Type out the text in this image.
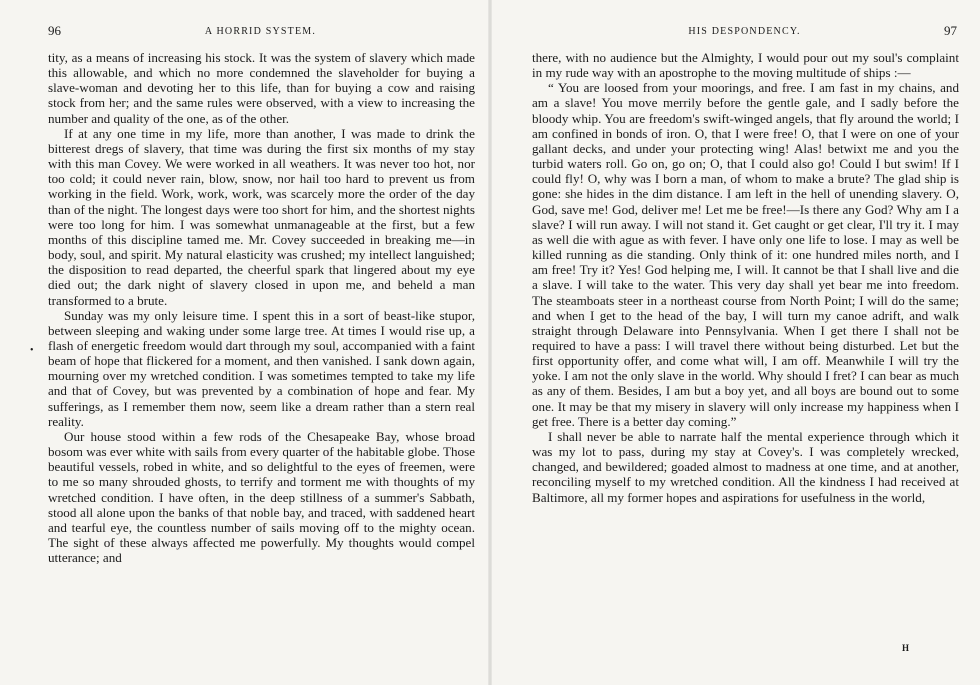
96	A HORRID SYSTEM.
•

tity, as a means of increasing his stock. It was the system of slavery which made this allowable, and which no more condemned the slaveholder for buying a slave-woman and devoting her to this life, than for buying a cow and raising stock from her; and the same rules were observed, with a view to increasing the number and quality of the one, as of the other.

If at any one time in my life, more than another, I was made to drink the bitterest dregs of slavery, that time was during the first six months of my stay with this man Covey. We were worked in all weathers. It was never too hot, nor too cold; it could never rain, blow, snow, nor hail too hard to prevent us from working in the field. Work, work, work, was scarcely more the order of the day than of the night. The longest days were too short for him, and the shortest nights were too long for him. I was somewhat unmanageable at the first, but a few months of this discipline tamed me. Mr. Covey succeeded in breaking me—in body, soul, and spirit. My natural elasticity was crushed; my intellect languished; the disposition to read departed, the cheerful spark that lingered about my eye died out; the dark night of slavery closed in upon me, and beheld a man transformed to a brute.

Sunday was my only leisure time. I spent this in a sort of beast-like stupor, between sleeping and waking under some large tree. At times I would rise up, a flash of energetic freedom would dart through my soul, accompanied with a faint beam of hope that flickered for a moment, and then vanished. I sank down again, mourning over my wretched condition. I was sometimes tempted to take my life and that of Covey, but was prevented by a combination of hope and fear. My sufferings, as I remember them now, seem like a dream rather than a stern real reality.

Our house stood within a few rods of the Chesapeake Bay, whose broad bosom was ever white with sails from every quarter of the habitable globe. Those beautiful vessels, robed in white, and so delightful to the eyes of freemen, were to me so many shrouded ghosts, to terrify and torment me with thoughts of my wretched condition. I have often, in the deep stillness of a summer's Sabbath, stood all alone upon the banks of that noble bay, and traced, with saddened heart and tearful eye, the countless number of sails moving off to the mighty ocean. The sight of these always affected me powerfully. My thoughts would compel utterance; and

HIS DESPONDENCY.	97

there, with no audience but the Almighty, I would pour out my soul's complaint in my rude way with an apostrophe to the moving multitude of ships :—

“ You are loosed from your moorings, and free. I am fast in my chains, and am a slave! You move merrily before the gentle gale, and I sadly before the bloody whip. You are freedom's swift-winged angels, that fly around the world; I am confined in bonds of iron. O, that I were free! O, that I were on one of your gallant decks, and under your protecting wing! Alas! betwixt me and you the turbid waters roll. Go on, go on; O, that I could also go! Could I but swim! If I could fly! O, why was I born a man, of whom to make a brute? The glad ship is gone: she hides in the dim distance. I am left in the hell of unending slavery. O, God, save me! God, deliver me! Let me be free!—Is there any God? Why am I a slave? I will run away. I will not stand it. Get caught or get clear, I'll try it. I may as well die with ague as with fever. I have only one life to lose. I may as well be killed running as die standing. Only think of it: one hundred miles north, and I am free! Try it? Yes! God helping me, I will. It cannot be that I shall live and die a slave. I will take to the water. This very day shall yet bear me into freedom. The steamboats steer in a northeast course from North Point; I will do the same; and when I get to the head of the bay, I will turn my canoe adrift, and walk straight through Delaware into Pennsylvania. When I get there I shall not be required to have a pass: I will travel there without being disturbed. Let but the first opportunity offer, and come what will, I am off. Meanwhile I will try the yoke. I am not the only slave in the world. Why should I fret? I can bear as much as any of them. Besides, I am but a boy yet, and all boys are bound out to some one. It may be that my misery in slavery will only increase my happiness when I get free. There is a better day coming.”

I shall never be able to narrate half the mental experience through which it was my lot to pass, during my stay at Covey's. I was completely wrecked, changed, and bewildered; goaded almost to madness at one time, and at another, reconciling myself to my wretched condition. All the kindness I had received at Baltimore, all my former hopes and aspirations for usefulness in the world,

H
